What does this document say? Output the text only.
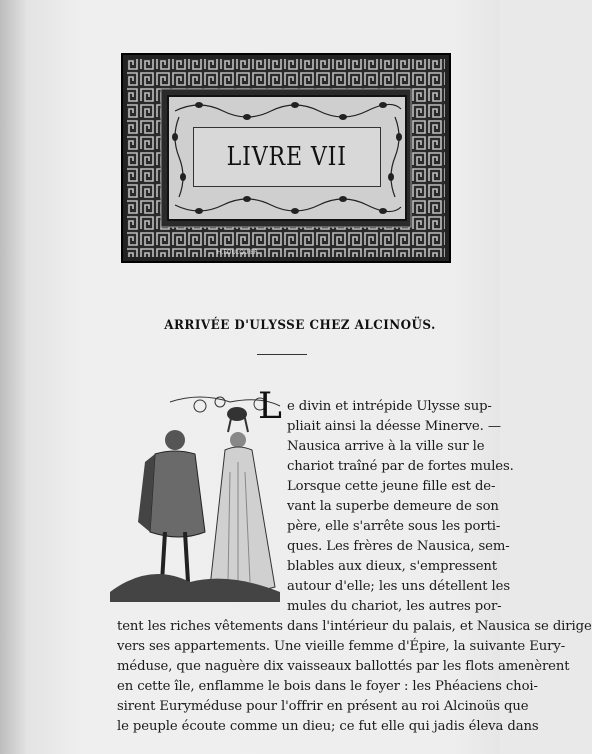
LIVRE VII
H.FOULQUIER
ARRIVÉE D'ULYSSE CHEZ ALCINOÜS.
L e divin et intrépide Ulysse sup-
pliait ainsi la déesse Minerve. —
Nausica arrive à la ville sur le
chariot traîné par de fortes mules.
Lorsque cette jeune fille est de-
vant la superbe demeure de son
père, elle s'arrête sous les porti-
ques. Les frères de Nausica, sem-
blables aux dieux, s'empressent
autour d'elle; les uns détellent les
mules du chariot, les autres por-
tent les riches vêtements dans l'intérieur du palais, et Nausica se dirige
vers ses appartements. Une vieille femme d'Épire, la suivante Eury-
méduse, que naguère dix vaisseaux ballottés par les flots amenèrent
en cette île, enflamme le bois dans le foyer : les Phéaciens choi-
sirent Euryméduse pour l'offrir en présent au roi Alcinoüs que
le peuple écoute comme un dieu; ce fut elle qui jadis éleva dans
